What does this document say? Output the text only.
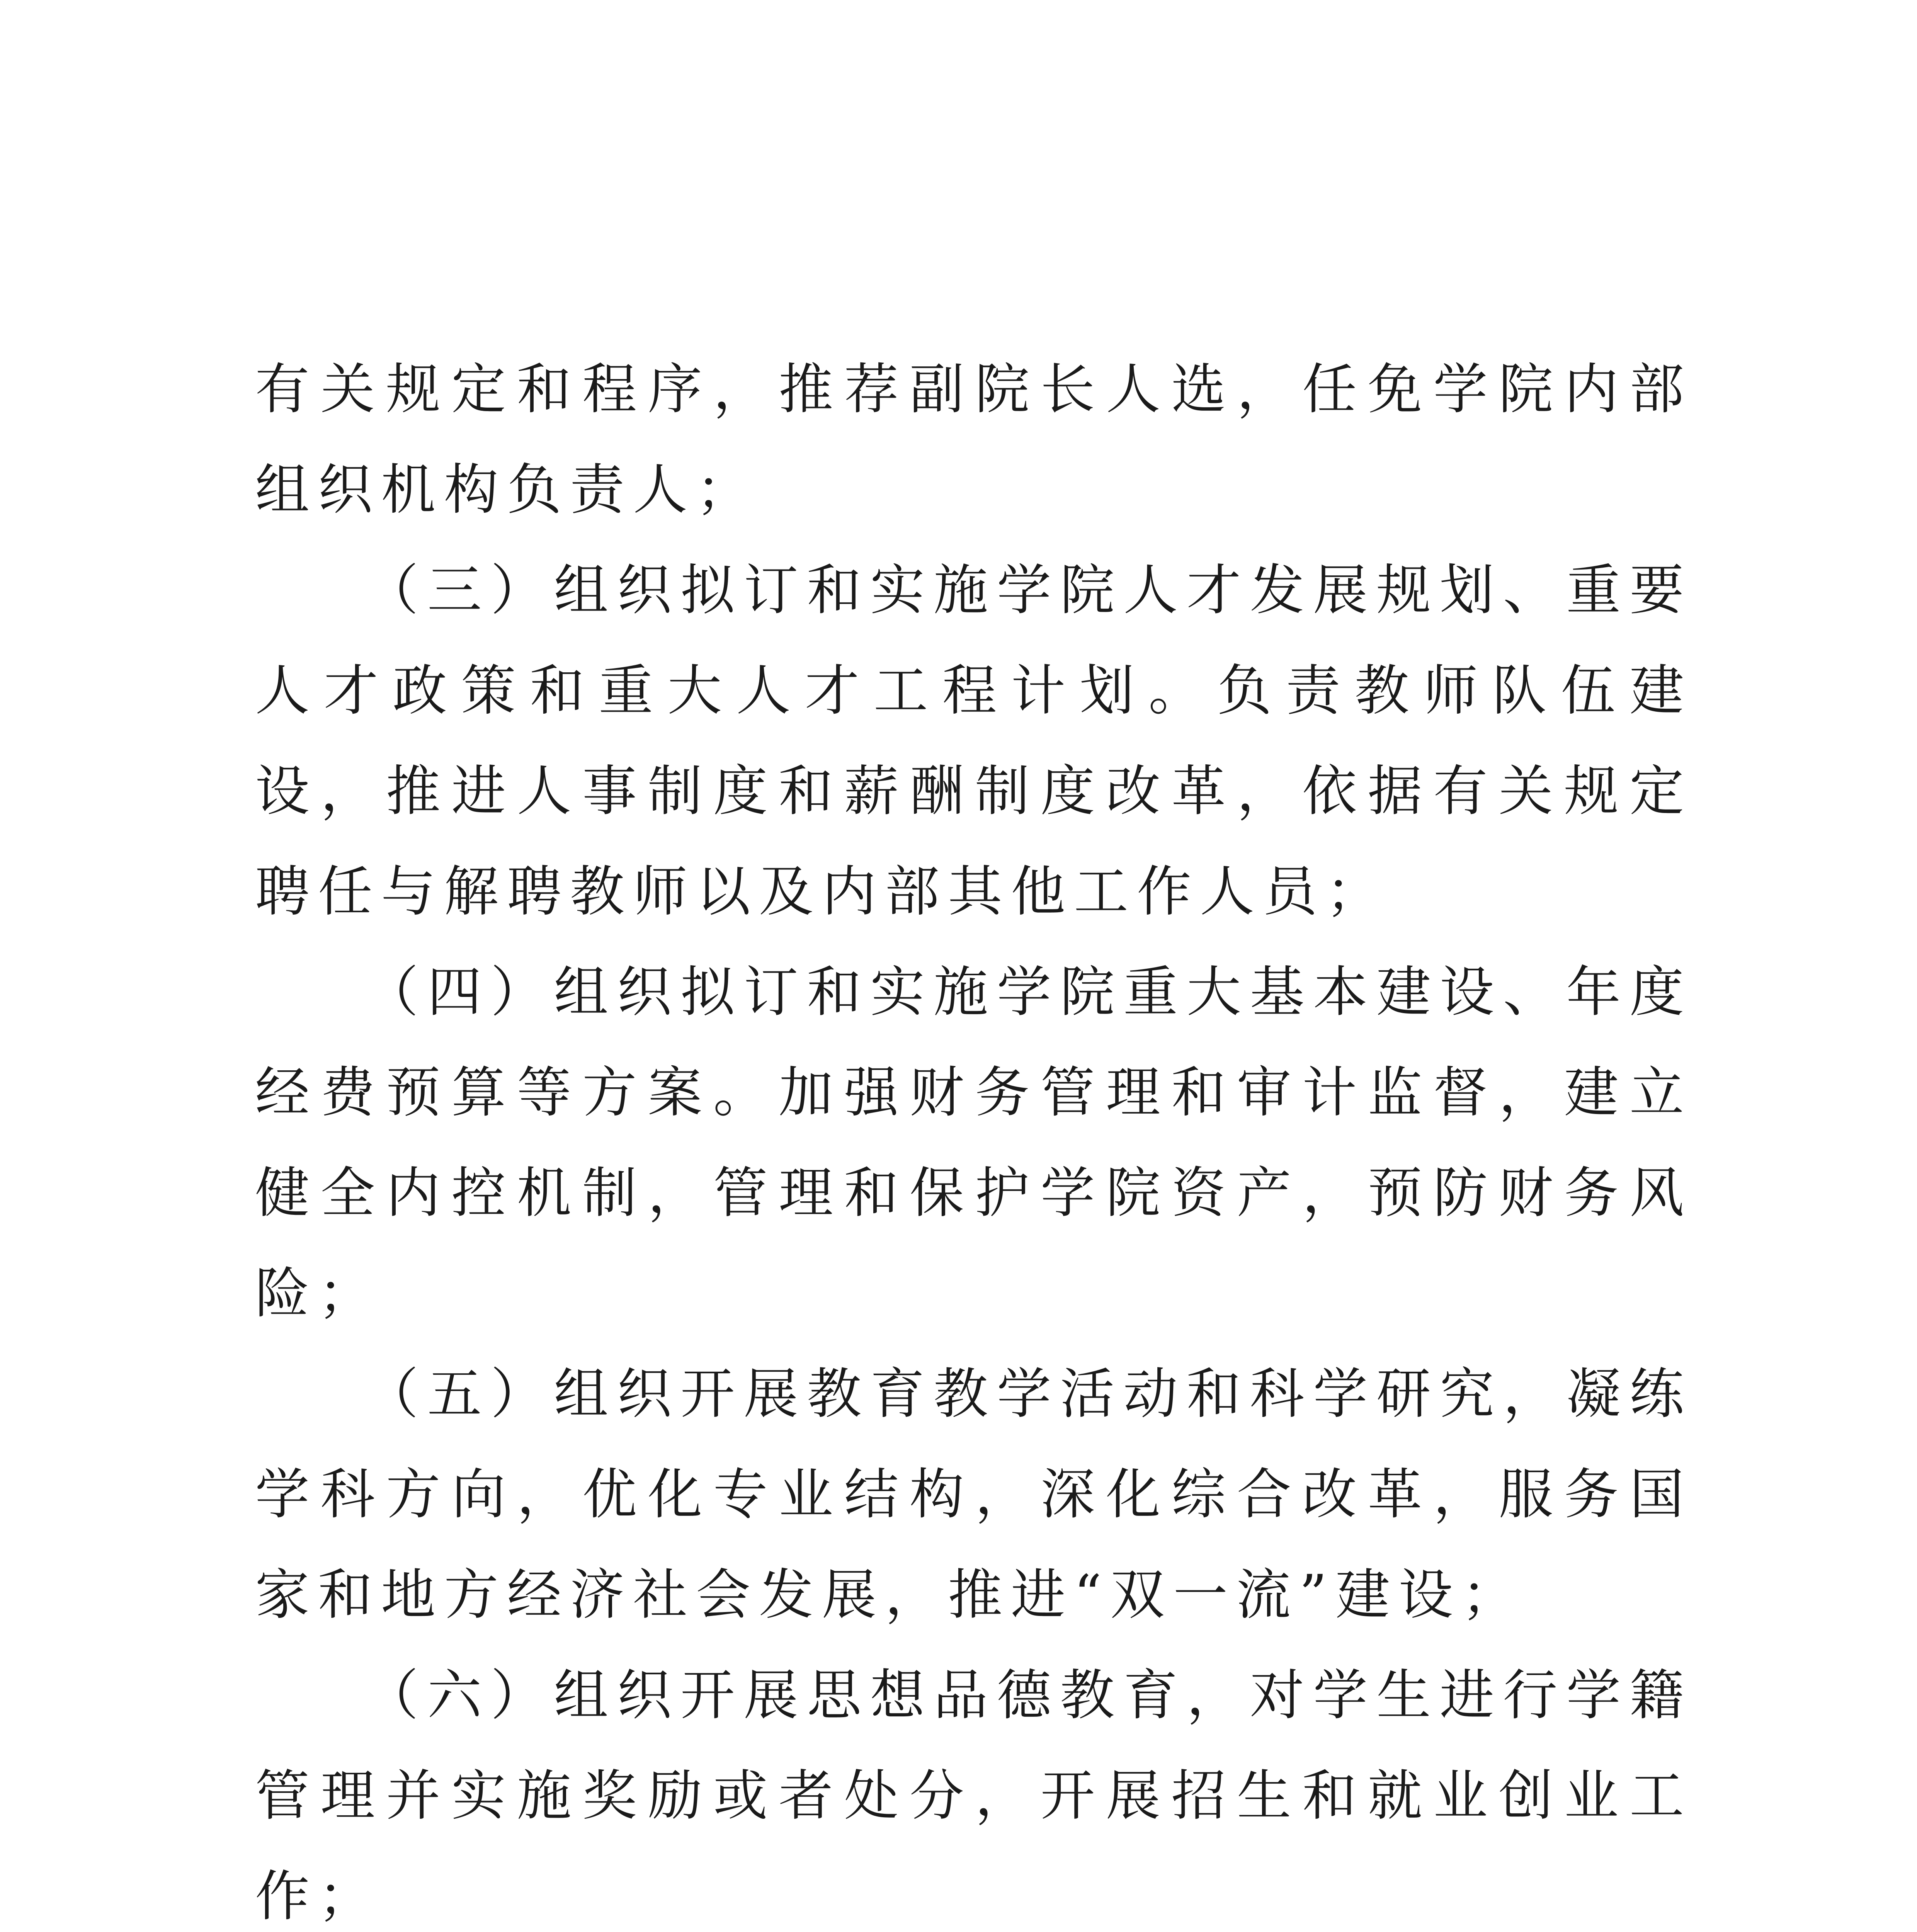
有关规定和程序，推荐副院长人选，任免学院内部组织机构负责人；

（三）组织拟订和实施学院人才发展规划、重要人才政策和重大人才工程计划。负责教师队伍建设，推进人事制度和薪酬制度改革，依据有关规定聘任与解聘教师以及内部其他工作人员；

（四）组织拟订和实施学院重大基本建设、年度经费预算等方案。加强财务管理和审计监督，建立健全内控机制，管理和保护学院资产，预防财务风险；

（五）组织开展教育教学活动和科学研究，凝练学科方向，优化专业结构，深化综合改革，服务国家和地方经济社会发展，推进“双一流”建设；

（六）组织开展思想品德教育，对学生进行学籍管理并实施奖励或者处分，开展招生和就业创业工作；
